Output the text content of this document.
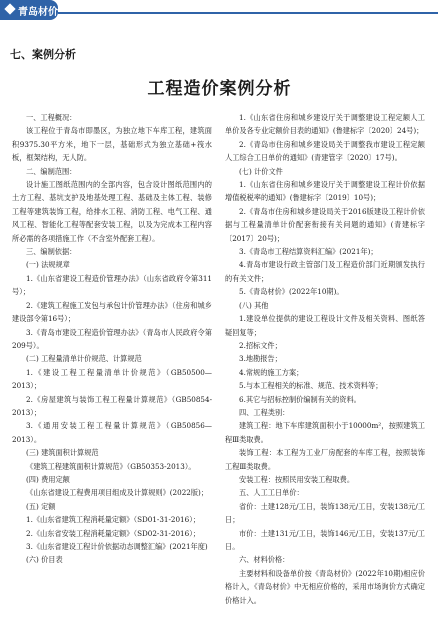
青岛材价
七、案例分析
工程造价案例分析

一、工程概况：

该工程位于青岛市即墨区，为独立地下车库工程，建筑面积9375.30平方米，地下一层，基础形式为独立基础+筏水板，框架结构，无人防。

二、编制范围：

设计施工图纸范围内的全部内容，包含设计图纸范围内的土方工程、基坑支护及地基处理工程、基础及主体工程、装修工程等建筑装饰工程，给排水工程、消防工程、电气工程、通风工程、智能化工程等配套安装工程，以及为完成本工程内容所必需的各项措施工作（不含室外配套工程）。

三、编制依据：

(一) 法规规章

1.《山东省建设工程造价管理办法》（山东省政府令第311号）；

2.《建筑工程施工发包与承包计价管理办法》（住房和城乡建设部令第16号）；

3.《青岛市建设工程造价管理办法》（青岛市人民政府令第209号）。

(二) 工程量清单计价规范、计算规范

1.《建设工程工程量清单计价规范》（GB50500—2013）；

2.《房屋建筑与装饰工程工程量计算规范》（GB50854-2013）；

3.《通用安装工程工程量计算规范》（GB50856—2013）。

(三) 建筑面积计算规范

《建筑工程建筑面积计算规范》（GB50353-2013）。

(四) 费用定额

《山东省建设工程费用项目组成及计算规则》(2022版)；

(五) 定额

1.《山东省建筑工程消耗量定额》（SD01-31-2016）；

2.《山东省安装工程消耗量定额》（SD02-31-2016）；

3.《山东省建设工程计价依据动态调整汇编》(2021年度)

(六) 价目表

1.《山东省住房和城乡建设厅关于调整建设工程定额人工单价及各专业定额价目表的通知》(鲁建标字〔2020〕24号)；

2.《青岛市住房和城乡建设局关于调整我市建设工程定额人工综合工日单价的通知》(青建管字〔2020〕17号)。

(七) 计价文件

1.《山东省住房和城乡建设厅关于调整建设工程计价依据增值税税率的通知》(鲁建标字〔2019〕10号)；

2.《青岛市住房和城乡建设局关于2016版建设工程计价依据与工程量清单计价配套衔接有关问题的通知》(青建标字〔2017〕20号)；

3.《青岛市工程结算资料汇编》(2021年)；

4.青岛市建设行政主管部门及工程造价部门近期颁发执行的有关文件；

5.《青岛材价》(2022年10期)。

(八) 其他

1.建设单位提供的建设工程设计文件及相关资料、图纸答疑回复等；

2.招标文件；

3.地勘报告；

4.常规的施工方案；

5.与本工程相关的标准、规范、技术资料等；

6.其它与招标控制价编制有关的资料。

四、工程类别：

建筑工程：地下车库建筑面积小于10000m²，按照建筑工程Ⅲ类取费。

装饰工程：本工程为工业厂房配套的车库工程，按照装饰工程Ⅲ类取费。

安装工程：按照民用安装工程取费。

五、人工工日单价：

省价：土建128元/工日，装饰138元/工日，安装138元/工日；

市价：土建131元/工日，装饰146元/工日，安装137元/工日。

六、材料价格：

主要材料和设备单价按《青岛材价》(2022年10期)相应价格计入，《青岛材价》中无相应价格的，采用市场询价方式确定价格计入。
